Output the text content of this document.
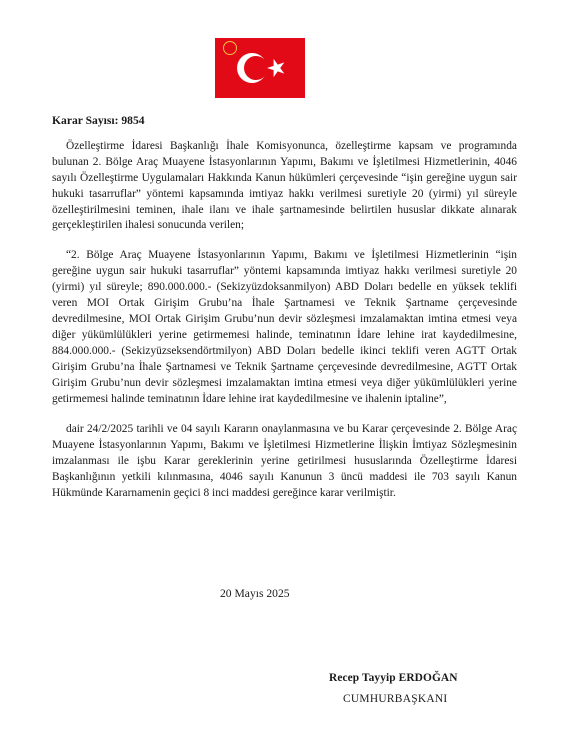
Karar Sayısı: 9854

Özelleştirme İdaresi Başkanlığı İhale Komisyonunca, özelleştirme kapsam ve programında bulunan 2. Bölge Araç Muayene İstasyonlarının Yapımı, Bakımı ve İşletilmesi Hizmetlerinin, 4046 sayılı Özelleştirme Uygulamaları Hakkında Kanun hükümleri çerçevesinde “işin gereğine uygun sair hukuki tasarruflar” yöntemi kapsamında imtiyaz hakkı verilmesi suretiyle 20 (yirmi) yıl süreyle özelleştirilmesini teminen, ihale ilanı ve ihale şartnamesinde belirtilen hususlar dikkate alınarak gerçekleştirilen ihalesi sonucunda verilen;

“2. Bölge Araç Muayene İstasyonlarının Yapımı, Bakımı ve İşletilmesi Hizmetlerinin “işin gereğine uygun sair hukuki tasarruflar” yöntemi kapsamında imtiyaz hakkı verilmesi suretiyle 20 (yirmi) yıl süreyle; 890.000.000.- (Sekizyüzdoksanmilyon) ABD Doları bedelle en yüksek teklifi veren MOI Ortak Girişim Grubu’na İhale Şartnamesi ve Teknik Şartname çerçevesinde devredilmesine, MOI Ortak Girişim Grubu’nun devir sözleşmesi imzalamaktan imtina etmesi veya diğer yükümlülükleri yerine getirmemesi halinde, teminatının İdare lehine irat kaydedilmesine, 884.000.000.- (Sekizyüzseksendörtmilyon) ABD Doları bedelle ikinci teklifi veren AGTT Ortak Girişim Grubu’na İhale Şartnamesi ve Teknik Şartname çerçevesinde devredilmesine, AGTT Ortak Girişim Grubu’nun devir sözleşmesi imzalamaktan imtina etmesi veya diğer yükümlülükleri yerine getirmemesi halinde teminatının İdare lehine irat kaydedilmesine ve ihalenin iptaline”,

dair 24/2/2025 tarihli ve 04 sayılı Kararın onaylanmasına ve bu Karar çerçevesinde 2. Bölge Araç Muayene İstasyonlarının Yapımı, Bakımı ve İşletilmesi Hizmetlerine İlişkin İmtiyaz Sözleşmesinin imzalanması ile işbu Karar gereklerinin yerine getirilmesi hususlarında Özelleştirme İdaresi Başkanlığının yetkili kılınmasına, 4046 sayılı Kanunun 3 üncü maddesi ile 703 sayılı Kanun Hükmünde Kararnamenin geçici 8 inci maddesi gereğince karar verilmiştir.

20 Mayıs 2025
Recep Tayyip ERDOĞAN
CUMHURBAŞKANI
